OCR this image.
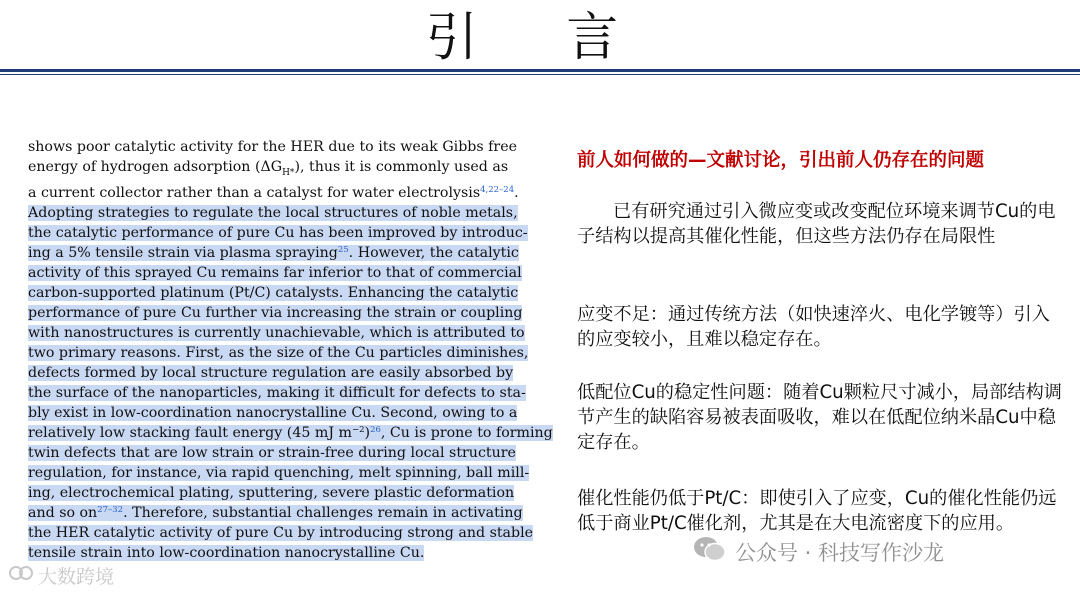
引 言
shows poor catalytic activity for the HER due to its weak Gibbs free
energy of hydrogen adsorption $(\Delta G_{H*})$, thus it is commonly used as
a current collector rather than a catalyst for water electrolysis$^{4,22-24}$.
Adopting strategies to regulate the local structures of noble metals,
the catalytic performance of pure Cu has been improved by introduc-
ing a 5% tensile strain via plasma spraying$^{25}$. However, the catalytic
activity of this sprayed Cu remains far inferior to that of commercial
carbon-supported platinum (Pt/C) catalysts. Enhancing the catalytic
performance of pure Cu further via increasing the strain or coupling
with nanostructures is currently unachievable, which is attributed to
two primary reasons. First, as the size of the Cu particles diminishes,
defects formed by local structure regulation are easily absorbed by
the surface of the nanoparticles, making it difficult for defects to sta-
bly exist in low-coordination nanocrystalline Cu. Second, owing to a
relatively low stacking fault energy (45 mJ $m^{-2})^{26}$, Cu is prone to forming
twin defects that are low strain or strain-free during local structure
regulation, for instance, via rapid quenching, melt spinning, ball mill-
ing, electrochemical plating, sputtering, severe plastic deformation
and so $on^{27-32}$. Therefore, substantial challenges remain in activating
the HER catalytic activity of pure Cu by introducing strong and stable
tensile strain into low-coordination nanocrystalline Cu.
前人如何做的—文献讨论，引出前人仍存在的问题
已有研究通过引入微应变或改变配位环境来调节Cu的电子结构以提高其催化性能，但这些方法仍存在局限性
应变不足：通过传统方法（如快速淬火、电化学镀等）引入的应变较小，且难以稳定存在。
低配位Cu的稳定性问题：随着Cu颗粒尺寸减小，局部结构调节产生的缺陷容易被表面吸收，难以在低配位纳米晶Cu中稳定存在。
催化性能仍低于Pt/C：即使引入了应变，Cu的催化性能仍远低于商业Pt/C催化剂，尤其是在大电流密度下的应用。
大数跨境
公众号 · 科技写作沙龙
